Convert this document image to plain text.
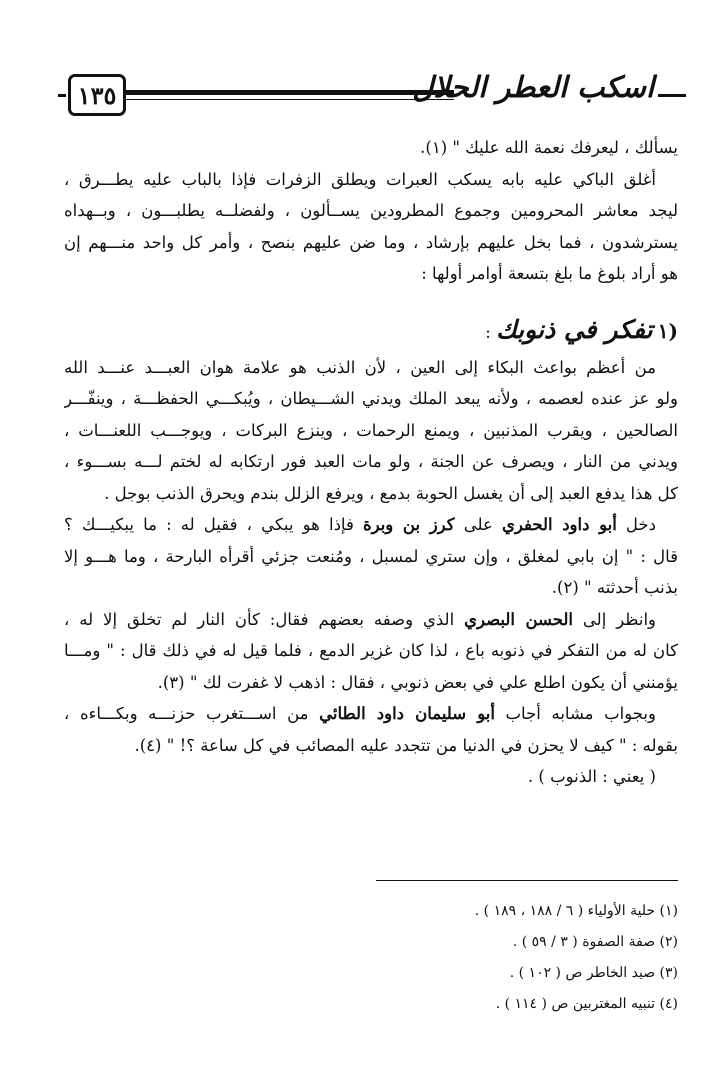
١٣٥	اسكب العطر الحلال
يسألك ، ليعرفك نعمة الله عليك " (١).
أغلق الباكي عليه بابه يسكب العبرات ويطلق الزفرات فإذا بالباب عليه يطـــرق ،
ليجد معاشر المحرومين وجموع المطرودين يســألون ، ولفضلــه يطلبـــون ، وبــهداه
يسترشدون ، فما بخل عليهم بإرشاد ، وما ضن عليهم بنصح ، وأمر كل واحد منـــهم إن
هو أراد بلوغ ما بلغ بتسعة أوامر أولها :
(١ تفكر في ذنوبك :
من أعظم بواعث البكاء إلى العين ، لأن الذنب هو علامة هوان العبـــد عنـــد الله
ولو عز عنده لعصمه ، ولأنه يبعد الملك ويدني الشـــيطان ، ويُبكـــي الحفظـــة ، وينفّـــر
الصالحين ، ويقرب المذنبين ، ويمنع الرحمات ، وينزع البركات ، ويوجـــب اللعنـــات ،
ويدني من النار ، ويصرف عن الجنة ، ولو مات العبد فور ارتكابه له لختم لـــه بســـوء ،
كل هذا يدفع العبد إلى أن يغسل الحوبة بدمع ، ويرفع الزلل بندم ويحرق الذنب بوجل .
دخل أبو داود الحفري على كرز بن وبرة فإذا هو يبكي ، فقيل له : ما يبكيـــك ؟
قال : " إن بابي لمغلق ، وإن ستري لمسبل ، ومُنعت جزئي أقرأه البارحة ، وما هـــو إلا
بذنب أحدثته " (٢).
وانظر إلى الحسن البصري الذي وصفه بعضهم فقال: كأن النار لم تخلق إلا له ،
كان له من التفكر في ذنوبه باع ، لذا كان غزير الدمع ، فلما قيل له في ذلك قال : " ومـــا
يؤمنني أن يكون اطلع علي في بعض ذنوبي ، فقال : اذهب لا غفرت لك " (٣).
وبجواب مشابه أجاب أبو سليمان داود الطائي من اســـتغرب حزنـــه وبكـــاءه ،
بقوله : " كيف لا يحزن في الدنيا من تتجدد عليه المصائب في كل ساعة ؟! " (٤).
( يعني : الذنوب ) .
(١) حلية الأولياء ( ٦ / ١٨٨ ، ١٨٩ ) .
(٢) صفة الصفوة ( ٣ / ٥٩ ) .
(٣) صيد الخاطر ص ( ١٠٢ ) .
(٤) تنبيه المغتربين ص ( ١١٤ ) .
